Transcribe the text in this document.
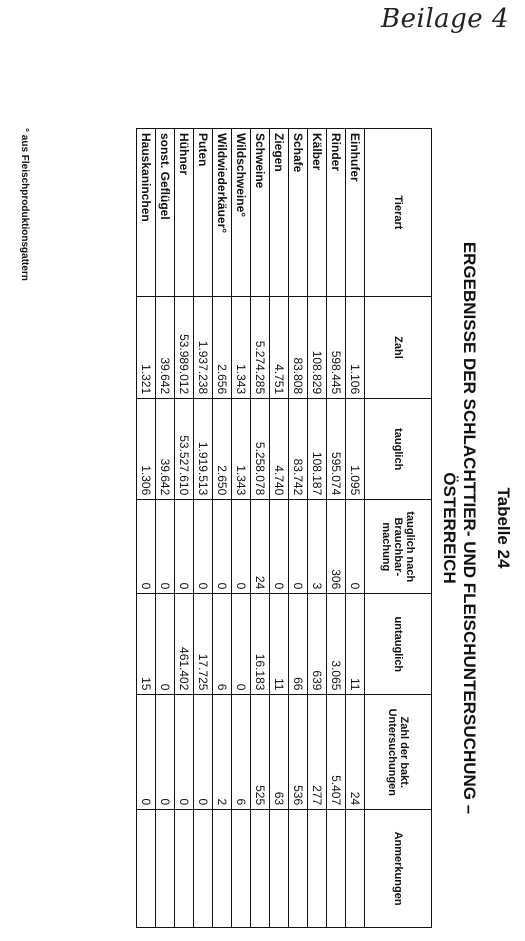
Beilage 4
Tabelle 24
ERGEBNISSE DER SCHLACHTTIER- UND FLEISCHUNTERSUCHUNG –
ÖSTERREICH
Tierart	Zahl	tauglich	tauglich nach Brauchbar-machung	untauglich	Zahl der bakt. Untersuchungen	Anmerkungen
Einhufer	1.106	1.095	0	11	24	
Rinder	598.445	595.074	306	3.065	5.407	
Kälber	108.829	108.187	3	639	277	
Schafe	83.808	83.742	0	66	536	
Ziegen	4.751	4.740	0	11	63	
Schweine	5.274.285	5.258.078	24	16.183	525	
Wildschweine°	1.343	1.343	0	0	6	
Wildwiederkäuer°	2.656	2.650	0	6	2	
Puten	1.937.238	1.919.513	0	17.725	0	
Hühner	53.989.012	53.527.610	0	461.402	0	
sonst. Geflügel	39.642	39.642	0	0	0	
Hauskaninchen	1.321	1.306	0	15	0	
° aus Fleischproduktionsgattern
